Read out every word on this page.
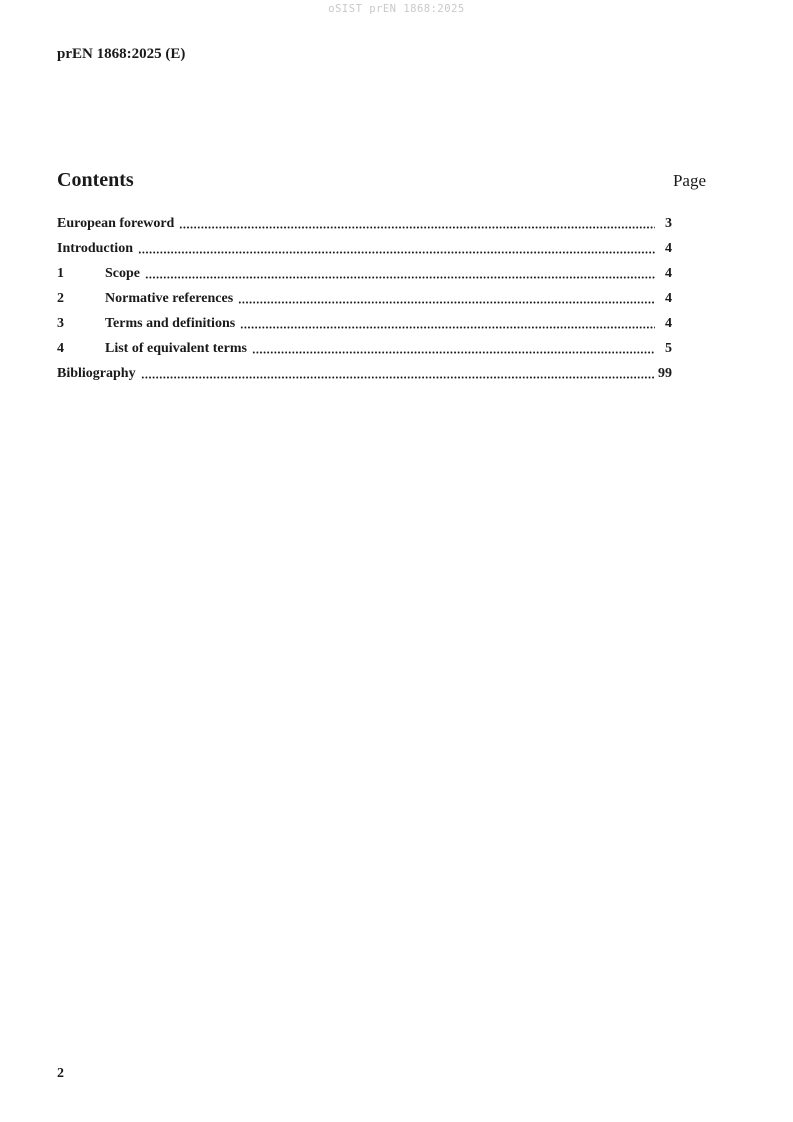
oSIST prEN 1868:2025
prEN 1868:2025 (E)
Contents	Page
European foreword	3
Introduction	4
1	Scope	4
2	Normative references	4
3	Terms and definitions	4
4	List of equivalent terms	5
Bibliography	99
2
